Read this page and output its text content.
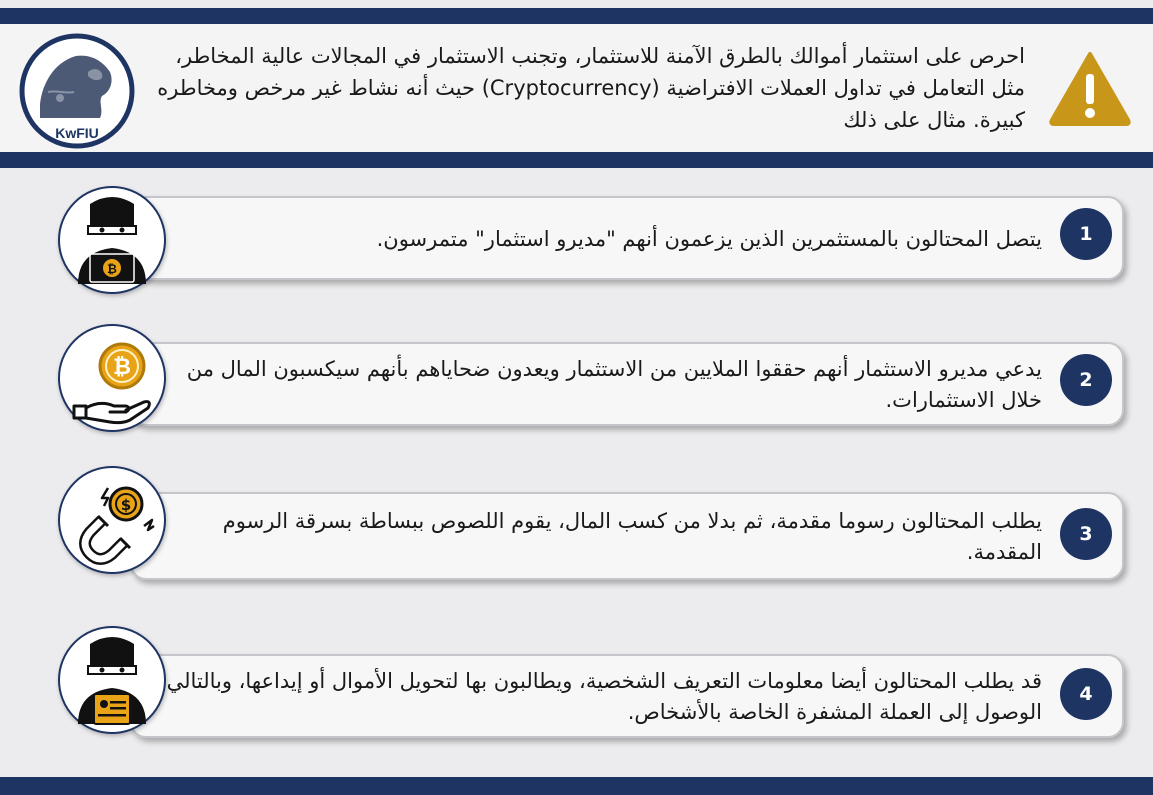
KwFIU
احرص على استثمار أموالك بالطرق الآمنة للاستثمار، وتجنب الاستثمار في المجالات عالية المخاطر، مثل التعامل في تداول العملات الافتراضية (Cryptocurrency) حيث أنه نشاط غير مرخص ومخاطره كبيرة. مثال على ذلك
يتصل المحتالون بالمستثمرين الذين يزعمون أنهم "مديرو استثمار" متمرسون.	1
₿
يدعي مديرو الاستثمار أنهم حققوا الملايين من الاستثمار ويعدون ضحاياهم بأنهم سيكسبون المال من خلال الاستثمارات.
2
₿
يطلب المحتالون رسوما مقدمة، ثم بدلا من كسب المال، يقوم اللصوص ببساطة بسرقة الرسوم المقدمة.
3
$
قد يطلب المحتالون أيضا معلومات التعريف الشخصية، ويطالبون بها لتحويل الأموال أو إيداعها، وبالتالي الوصول إلى العملة المشفرة الخاصة بالأشخاص.
4
